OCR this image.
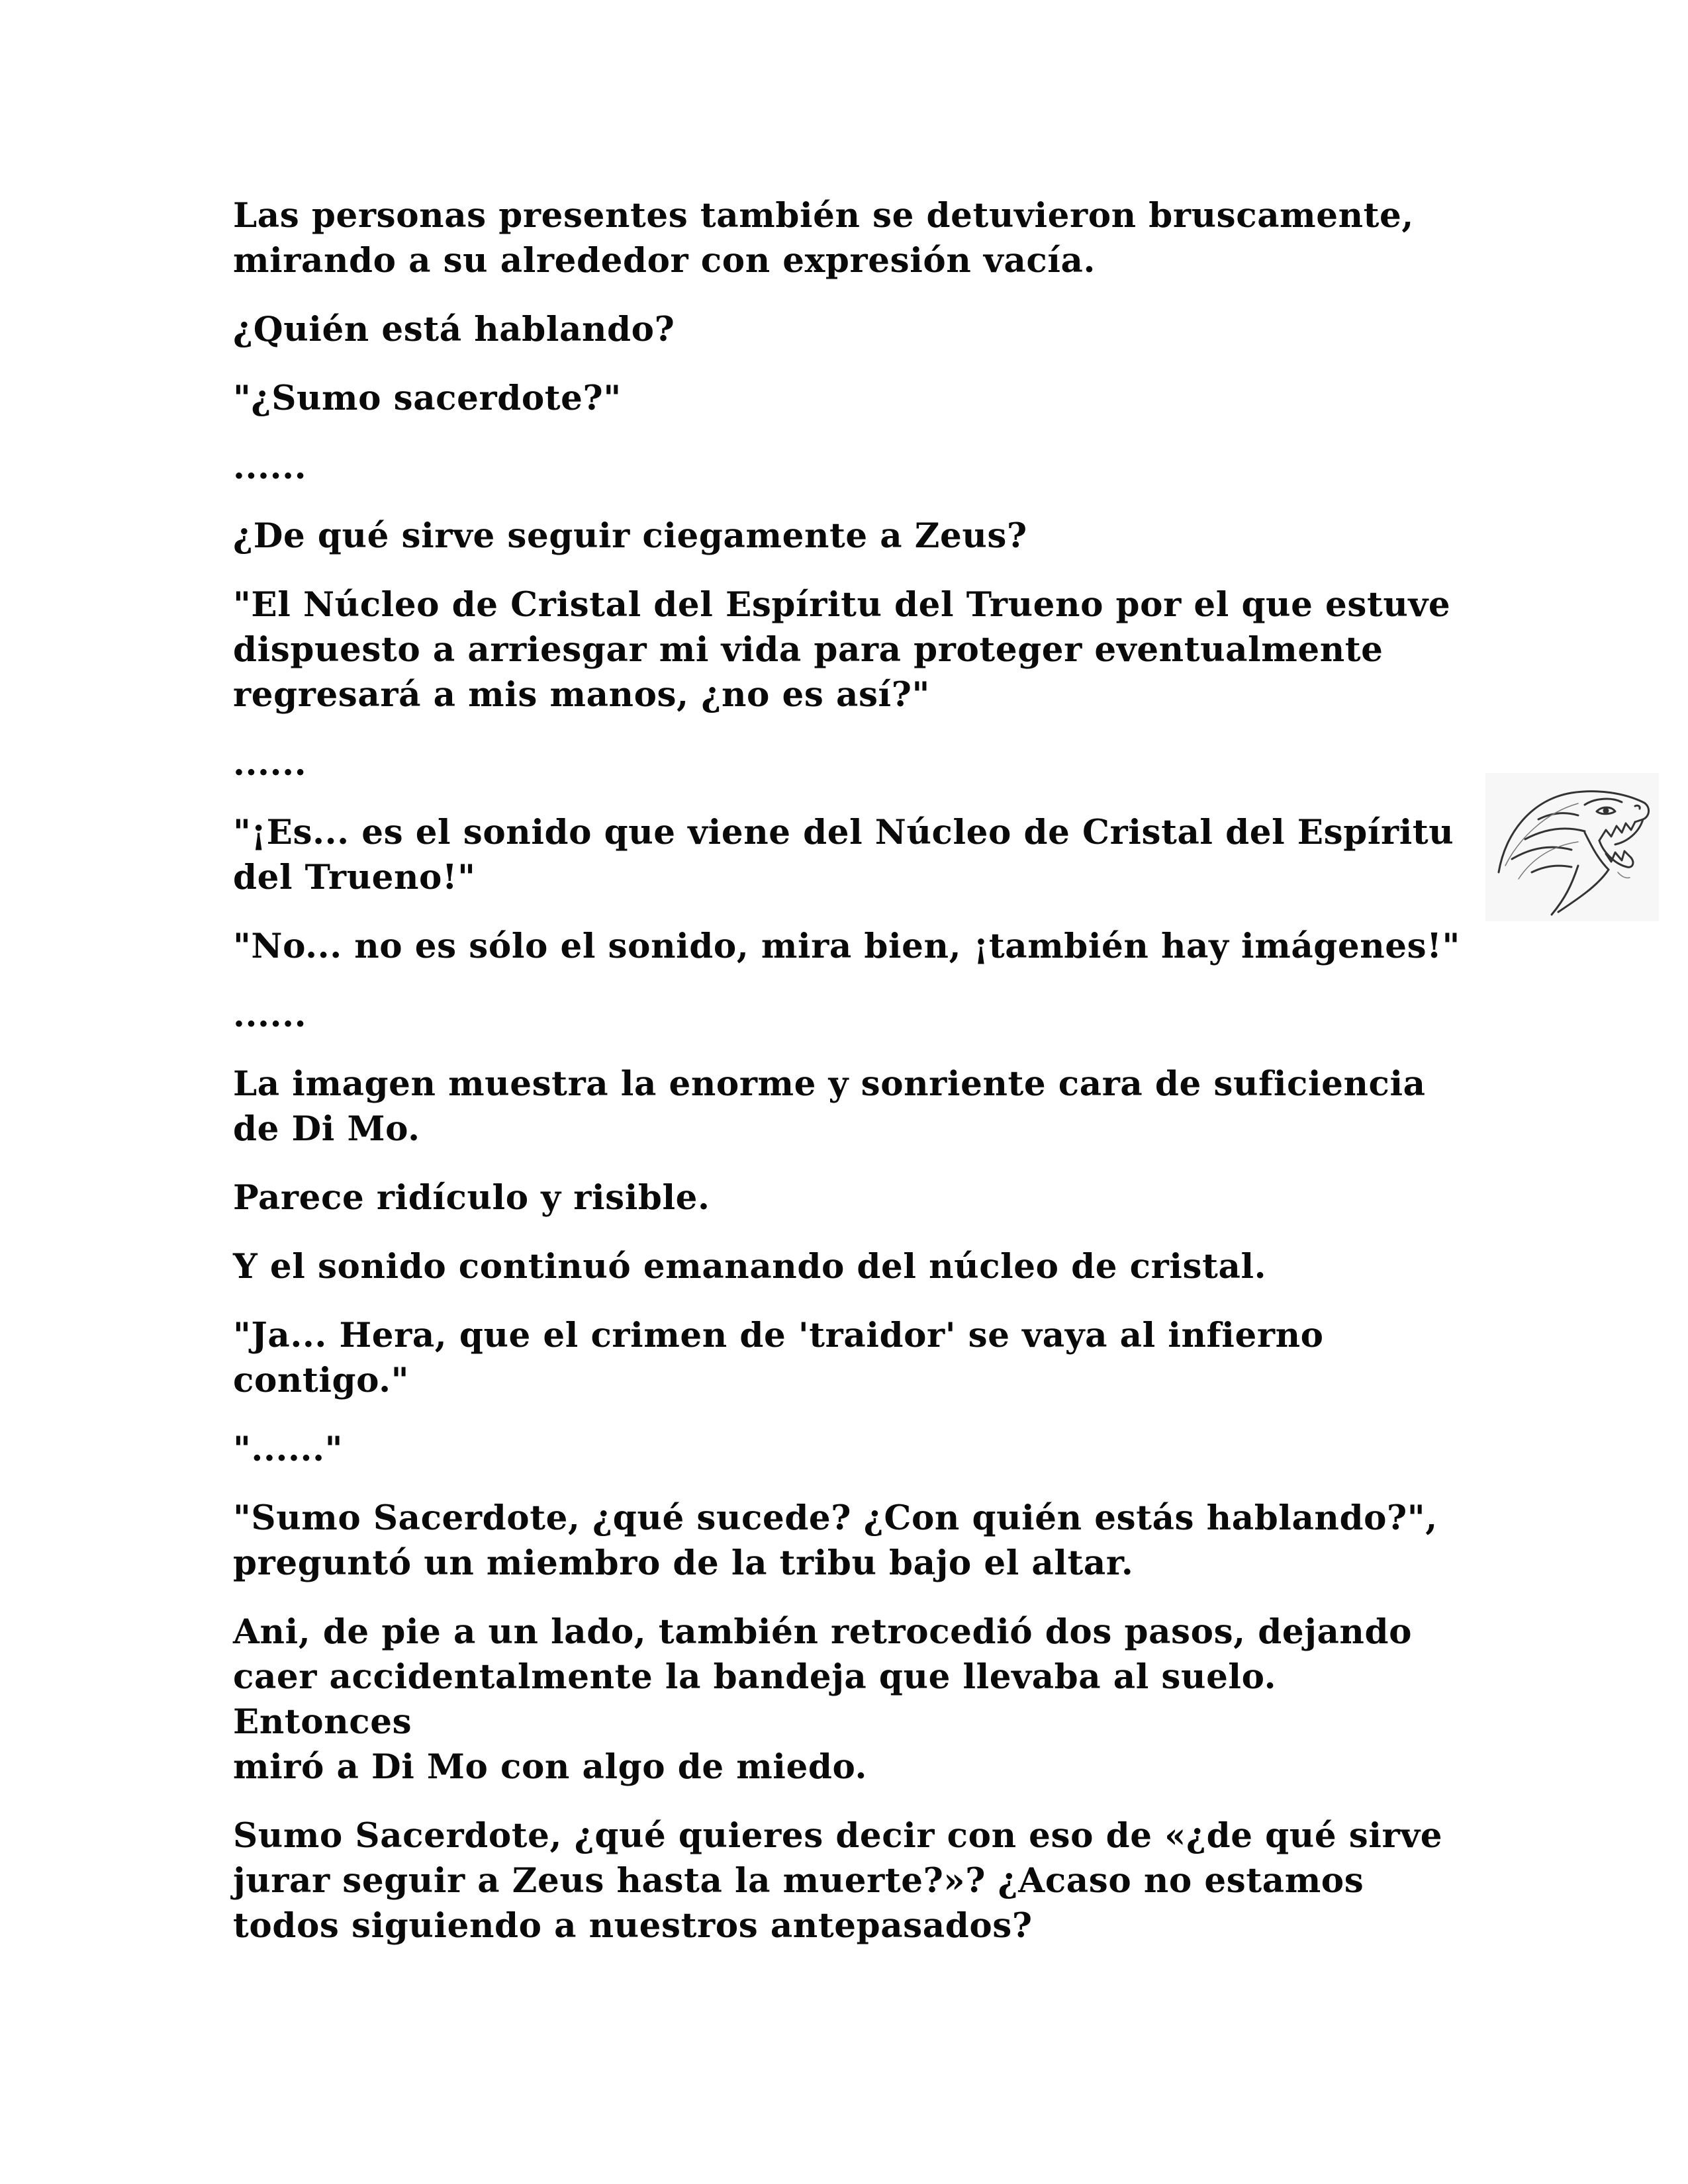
Las personas presentes también se detuvieron bruscamente,
mirando a su alrededor con expresión vacía.

¿Quién está hablando?

"¿Sumo sacerdote?"

......

¿De qué sirve seguir ciegamente a Zeus?

"El Núcleo de Cristal del Espíritu del Trueno por el que estuve
dispuesto a arriesgar mi vida para proteger eventualmente
regresará a mis manos, ¿no es así?"

......

"¡Es... es el sonido que viene del Núcleo de Cristal del Espíritu
del Trueno!"

"No... no es sólo el sonido, mira bien, ¡también hay imágenes!"

......

La imagen muestra la enorme y sonriente cara de suficiencia
de Di Mo.

Parece ridículo y risible.

Y el sonido continuó emanando del núcleo de cristal.

"Ja... Hera, que el crimen de 'traidor' se vaya al infierno
contigo."

"......"

"Sumo Sacerdote, ¿qué sucede? ¿Con quién estás hablando?",
preguntó un miembro de la tribu bajo el altar.

Ani, de pie a un lado, también retrocedió dos pasos, dejando
caer accidentalmente la bandeja que llevaba al suelo. Entonces
miró a Di Mo con algo de miedo.

Sumo Sacerdote, ¿qué quieres decir con eso de «¿de qué sirve
jurar seguir a Zeus hasta la muerte?»? ¿Acaso no estamos
todos siguiendo a nuestros antepasados?
